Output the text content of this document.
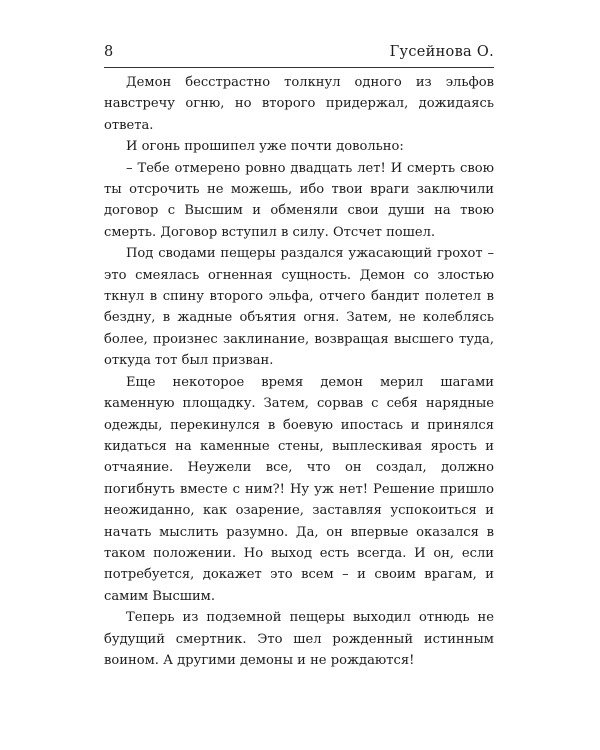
8	Гусейнова О.

Демон бесстрастно толкнул одного из эльфов навстречу огню, но второго придержал, дожидаясь ответа.

И огонь прошипел уже почти довольно:

– Тебе отмерено ровно двадцать лет! И смерть свою ты отсрочить не можешь, ибо твои враги заключили договор с Высшим и обменяли свои души на твою смерть. Договор вступил в силу. Отсчет пошел.

Под сводами пещеры раздался ужасающий грохот – это смеялась огненная сущность. Демон со злостью ткнул в спину второго эльфа, отчего бандит полетел в бездну, в жадные объятия огня. Затем, не колеблясь более, произнес заклинание, возвращая высшего туда, откуда тот был призван.

Еще некоторое время демон мерил шагами каменную площадку. Затем, сорвав с себя нарядные одежды, перекинулся в боевую ипостась и принялся кидаться на каменные стены, выплескивая ярость и отчаяние. Неужели все, что он создал, должно погибнуть вместе с ним?! Ну уж нет! Решение пришло неожиданно, как озарение, заставляя успокоиться и начать мыслить разумно. Да, он впервые оказался в таком положении. Но выход есть всегда. И он, если потребуется, докажет это всем – и своим врагам, и самим Высшим.

Теперь из подземной пещеры выходил отнюдь не будущий смертник. Это шел рожденный истинным воином. А другими демоны и не рождаются!
